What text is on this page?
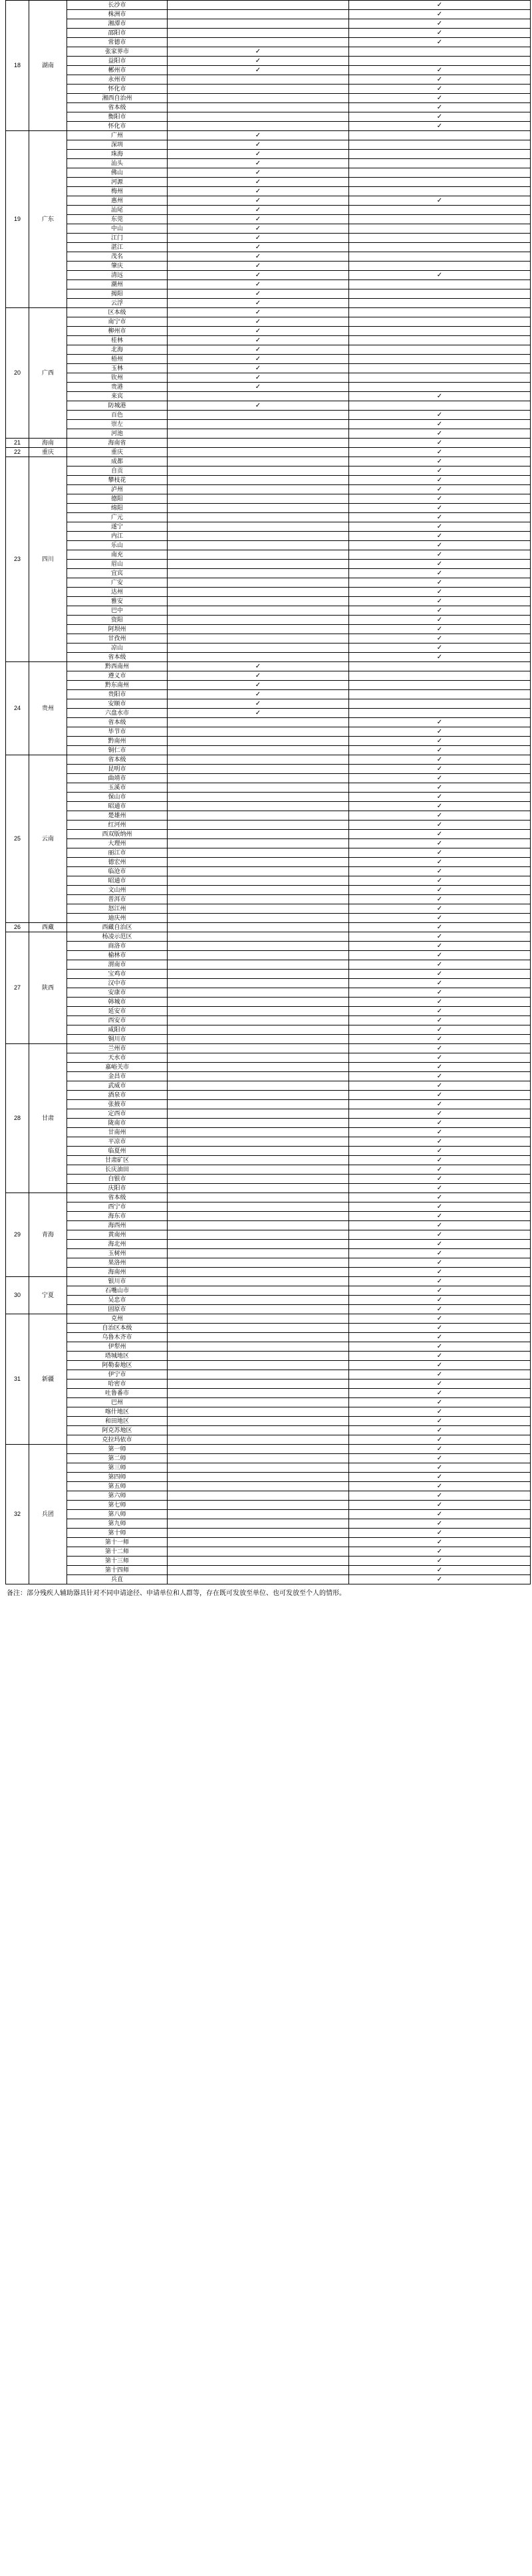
18	湖南	长沙市		✓
		株洲市		✓
		湘潭市		✓
		邵阳市		✓
		常德市		✓
		张家界市	✓	
		益阳市	✓	
		郴州市	✓	✓
		永州市		✓
		怀化市		✓
		湘西自治州		✓
		省本级		✓
		衡阳市		✓
		怀化市		✓
19	广东	广州	✓	
		深圳	✓	
		珠海	✓	
		汕头	✓	
		佛山	✓	
		河源	✓	
		梅州	✓	
		惠州	✓	✓
		汕尾	✓	
		东莞	✓	
		中山	✓	
		江门	✓	
		湛江	✓	
		茂名	✓	
		肇庆	✓	
		清远	✓	✓
		潮州	✓	
		揭阳	✓	
		云浮	✓	
20	广西	区本级	✓	
		南宁市	✓	
		柳州市	✓	
		桂林	✓	
		北海	✓	
		梧州	✓	
		玉林	✓	
		钦州	✓	
		贵港	✓	
		来宾		✓
		防城港	✓	
		百色		✓
		崇左		✓
		河池		✓
21	海南	海南省		✓
22	重庆	重庆		✓
23	四川	成都		✓
		自贡		✓
		攀枝花		✓
		泸州		✓
		德阳		✓
		绵阳		✓
		广元		✓
		遂宁		✓
		内江		✓
		乐山		✓
		南充		✓
		眉山		✓
		宜宾		✓
		广安		✓
		达州		✓
		雅安		✓
		巴中		✓
		资阳		✓
		阿坝州		✓
		甘孜州		✓
		凉山		✓
		省本级		✓
24	贵州	黔西南州	✓	
		遵义市	✓	
		黔东南州	✓	
		贵阳市	✓	
		安顺市	✓	
		六盘水市	✓	
		省本级		✓
		毕节市		✓
		黔南州		✓
		铜仁市		✓
25	云南	省本级		✓
		昆明市		✓
		曲靖市		✓
		玉溪市		✓
		保山市		✓
		昭通市		✓
		楚雄州		✓
		红河州		✓
		西双版纳州		✓
		大理州		✓
		丽江市		✓
		德宏州		✓
		临沧市		✓
		昭通市		✓
		文山州		✓
		普洱市		✓
		怒江州		✓
		迪庆州		✓
26	西藏	西藏自治区		✓
27	陕西	杨凌示范区		✓
		商洛市		✓
		榆林市		✓
		渭南市		✓
		宝鸡市		✓
		汉中市		✓
		安康市		✓
		韩城市		✓
		延安市		✓
		西安市		✓
		咸阳市		✓
		铜川市		✓
28	甘肃	兰州市		✓
		天水市		✓
		嘉峪关市		✓
		金昌市		✓
		武威市		✓
		酒泉市		✓
		张掖市		✓
		定西市		✓
		陇南市		✓
		甘南州		✓
		平凉市		✓
		临夏州		✓
		甘肃矿区		✓
		长庆油田		✓
		白银市		✓
		庆阳市		✓
29	青海	省本级		✓
		西宁市		✓
		海东市		✓
		海西州		✓
		黄南州		✓
		海北州		✓
		玉树州		✓
		果洛州		✓
		海南州		✓
30	宁夏	银川市		✓
		石嘴山市		✓
		吴忠市		✓
		固原市		✓
31	新疆	克州		✓
		自治区本级		✓
		乌鲁木齐市		✓
		伊犁州		✓
		塔城地区		✓
		阿勒泰地区		✓
		伊宁市		✓
		哈密市		✓
		吐鲁番市		✓
		巴州		✓
		喀什地区		✓
		和田地区		✓
		阿克苏地区		✓
		克拉玛依市		✓
32	兵团	第一师		✓
		第二师		✓
		第三师		✓
		第四师		✓
		第五师		✓
		第六师		✓
		第七师		✓
		第八师		✓
		第九师		✓
		第十师		✓
		第十一师		✓
		第十二师		✓
		第十三师		✓
		第十四师		✓
		兵直		✓
备注：部分残疾人辅助器具针对不同申请途径、申请单位和人群等，存在既可发放至单位、也可发放至个人的情形。
